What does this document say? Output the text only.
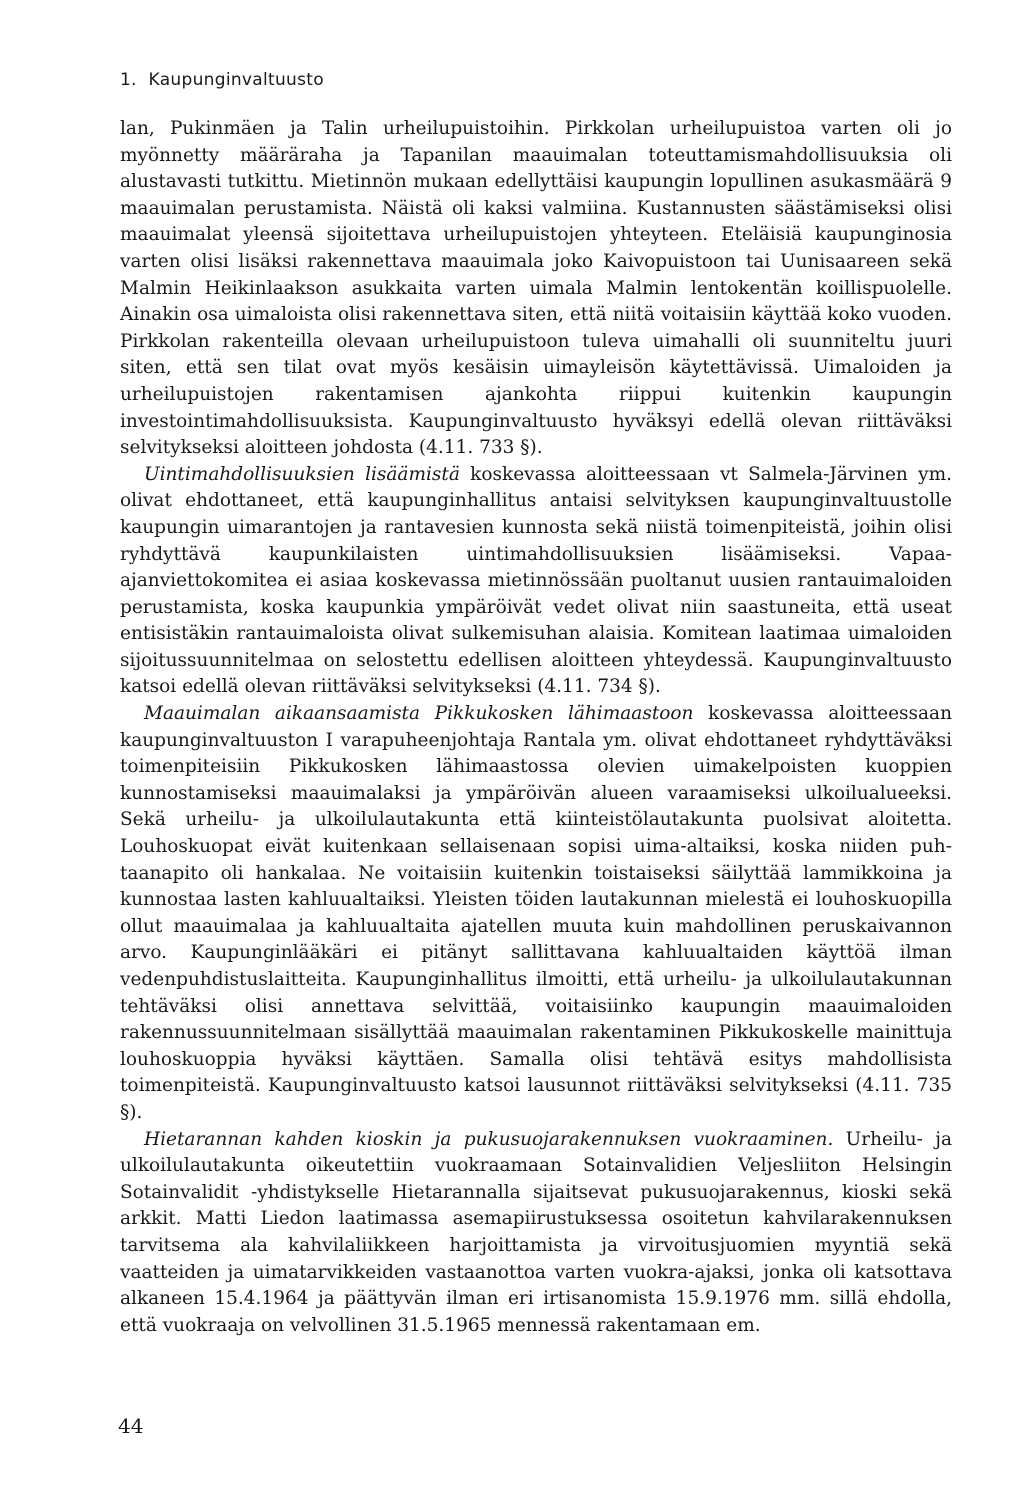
1. Kaupunginvaltuusto

lan, Pukinmäen ja Talin urheilupuistoihin. Pirkkolan urheilupuistoa varten oli jo myönnetty määräraha ja Tapanilan maauimalan toteuttamismahdollisuuksia oli alustavasti tutkittu. Mietinnön mukaan edellyttäisi kaupungin lopullinen asukasmäärä 9 maauimalan perustamista. Näistä oli kaksi valmiina. Kustannusten säästämiseksi olisi maauimalat yleensä sijoitettava urheilupuistojen yhteyteen. Eteläisiä kaupunginosia varten olisi lisäksi rakennettava maauimala joko Kaivopuistoon tai Uunisaareen sekä Malmin Heikinlaakson asukkaita varten uimala Malmin lentokentän koillispuolelle. Ainakin osa uimaloista olisi rakennettava siten, että niitä voitaisiin käyttää koko vuoden. Pirkkolan rakenteilla olevaan urheilupuistoon tuleva uimahalli oli suunniteltu juuri siten, että sen tilat ovat myös kesäisin uimayleisön käytettävissä. Uimaloiden ja urheilupuistojen rakentamisen ajankohta riippui kuitenkin kaupungin investointimahdollisuuksista. Kaupunginvaltuusto hyväksyi edellä olevan riittäväksi selvitykseksi aloitteen johdosta (4.11. 733 §).

Uintimahdollisuuksien lisäämistä koskevassa aloitteessaan vt Salmela-Järvinen ym. olivat ehdottaneet, että kaupunginhallitus antaisi selvityksen kaupunginvaltuustolle kaupungin uimarantojen ja rantavesien kunnosta sekä niistä toimenpiteistä, joihin olisi ryhdyttävä kaupunkilaisten uintimahdollisuuksien lisäämiseksi. Vapaa-ajanviettokomitea ei asiaa koskevassa mietinnössään puoltanut uusien rantauimaloiden perustamista, koska kaupunkia ympäröivät vedet olivat niin saastuneita, että useat entisistäkin rantauimaloista olivat sulkemisuhan alaisia. Komitean laatimaa uimaloiden sijoitussuunnitelmaa on selostettu edellisen aloitteen yhteydessä. Kaupunginvaltuusto katsoi edellä olevan riittäväksi selvitykseksi (4.11. 734 §).

Maauimalan aikaansaamista Pikkukosken lähimaastoon koskevassa aloitteessaan kaupunginvaltuuston I varapuheenjohtaja Rantala ym. olivat ehdottaneet ryhdyttäväksi toimenpiteisiin Pikkukosken lähimaastossa olevien uimakelpoisten kuoppien kunnostamiseksi maauimalaksi ja ympäröivän alueen varaamiseksi ulkoilualueeksi. Sekä urheilu- ja ulkoilulautakunta että kiinteistölautakunta puolsivat aloitetta. Louhoskuopat eivät kuitenkaan sellaisenaan sopisi uima-altaiksi, koska niiden puhtaanapito oli hankalaa. Ne voitaisiin kuitenkin toistaiseksi säilyttää lammikkoina ja kunnostaa lasten kahluualtaiksi. Yleisten töiden lautakunnan mielestä ei louhoskuopilla ollut maauimalaa ja kahluualtaita ajatellen muuta kuin mahdollinen peruskaivannon arvo. Kaupunginlääkäri ei pitänyt sallittavana kahluualtaiden käyttöä ilman vedenpuhdistuslaitteita. Kaupunginhallitus ilmoitti, että urheilu- ja ulkoilulautakunnan tehtäväksi olisi annettava selvittää, voitaisiinko kaupungin maauimaloiden rakennussuunnitelmaan sisällyttää maauimalan rakentaminen Pikkukoskelle mainittuja louhoskuoppia hyväksi käyttäen. Samalla olisi tehtävä esitys mahdollisista toimenpiteistä. Kaupunginvaltuusto katsoi lausunnot riittäväksi selvitykseksi (4.11. 735 §).

Hietarannan kahden kioskin ja pukusuojarakennuksen vuokraaminen. Urheilu- ja ulkoilulautakunta oikeutettiin vuokraamaan Sotainvalidien Veljesliiton Helsingin Sotainvalidit -yhdistykselle Hietarannalla sijaitsevat pukusuojarakennus, kioski sekä arkkit. Matti Liedon laatimassa asemapiirustuksessa osoitetun kahvilarakennuksen tarvitsema ala kahvilaliikkeen harjoittamista ja virvoitusjuomien myyntiä sekä vaatteiden ja uimatarvikkeiden vastaanottoa varten vuokra-ajaksi, jonka oli katsottava alkaneen 15.4.1964 ja päättyvän ilman eri irtisanomista 15.9.1976 mm. sillä ehdolla, että vuokraaja on velvollinen 31.5.1965 mennessä rakentamaan em.

44
